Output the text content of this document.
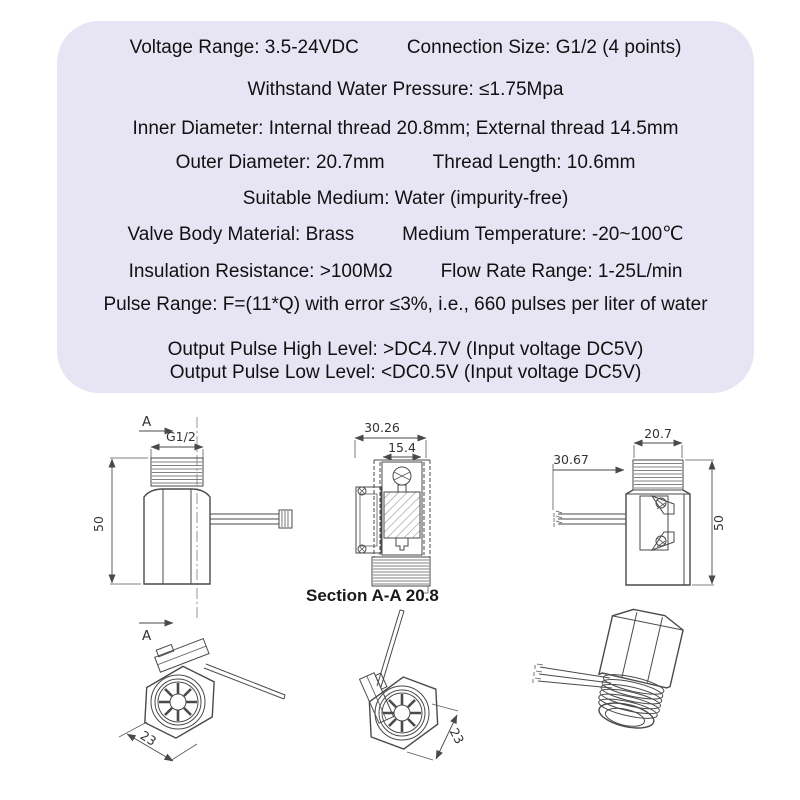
Voltage Range: 3.5-24VDC	Connection Size: G1/2 (4 points)
Withstand Water Pressure: ≤1.75Mpa
Inner Diameter: Internal thread 20.8mm; External thread 14.5mm
Outer Diameter: 20.7mm	Thread Length: 10.6mm
Suitable Medium: Water (impurity-free)
Valve Body Material: Brass	Medium Temperature: -20~100℃
Insulation Resistance: >100MΩ	Flow Rate Range: 1-25L/min
Pulse Range: F=(11*Q) with error ≤3%, i.e., 660 pulses per liter of water
Output Pulse High Level: >DC4.7V (Input voltage DC5V)
Output Pulse Low Level: <DC0.5V (Input voltage DC5V)
A
G1/2
50
A
30.26
15.4
Section A-A 20.8
20.7
30.67
50
23	23
